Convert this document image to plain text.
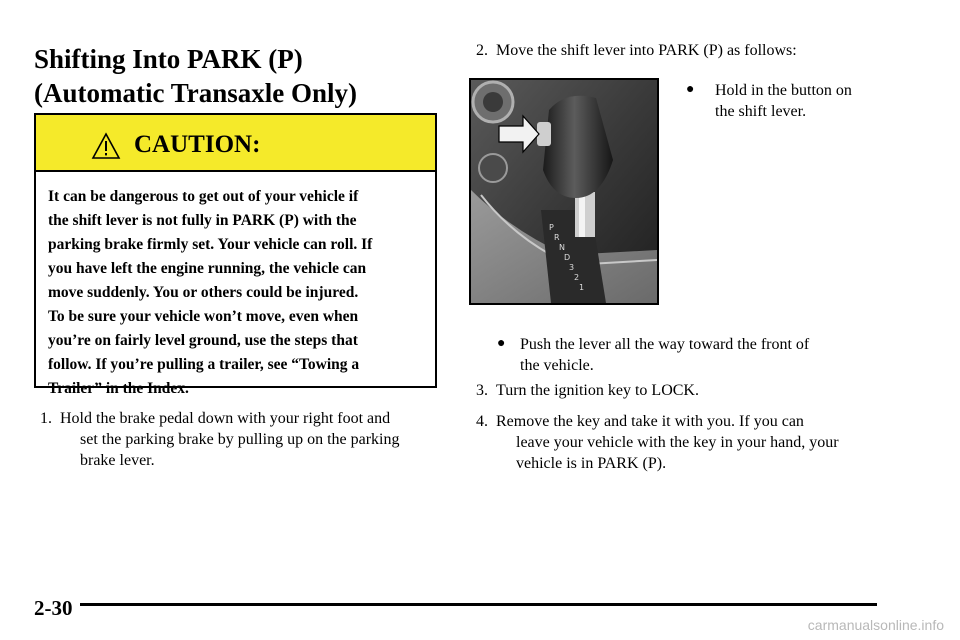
Shifting Into PARK (P)
(Automatic Transaxle Only)
CAUTION:
It can be dangerous to get out of your vehicle if
the shift lever is not fully in PARK (P) with the
parking brake firmly set. Your vehicle can roll. If
you have left the engine running, the vehicle can
move suddenly. You or others could be injured.
To be sure your vehicle won’t move, even when
you’re on fairly level ground, use the steps that
follow. If you’re pulling a trailer, see “Towing a
Trailer” in the Index.
1. Hold the brake pedal down with your right foot and
set the parking brake by pulling up on the parking
brake lever.
2. Move the shift lever into PARK (P) as follows:
● Hold in the button on
the shift lever.
P
R
N
D
3
2
1
● Push the lever all the way toward the front of
the vehicle.
3. Turn the ignition key to LOCK.
4. Remove the key and take it with you. If you can
leave your vehicle with the key in your hand, your
vehicle is in PARK (P).
2-30
carmanualsonline.info
